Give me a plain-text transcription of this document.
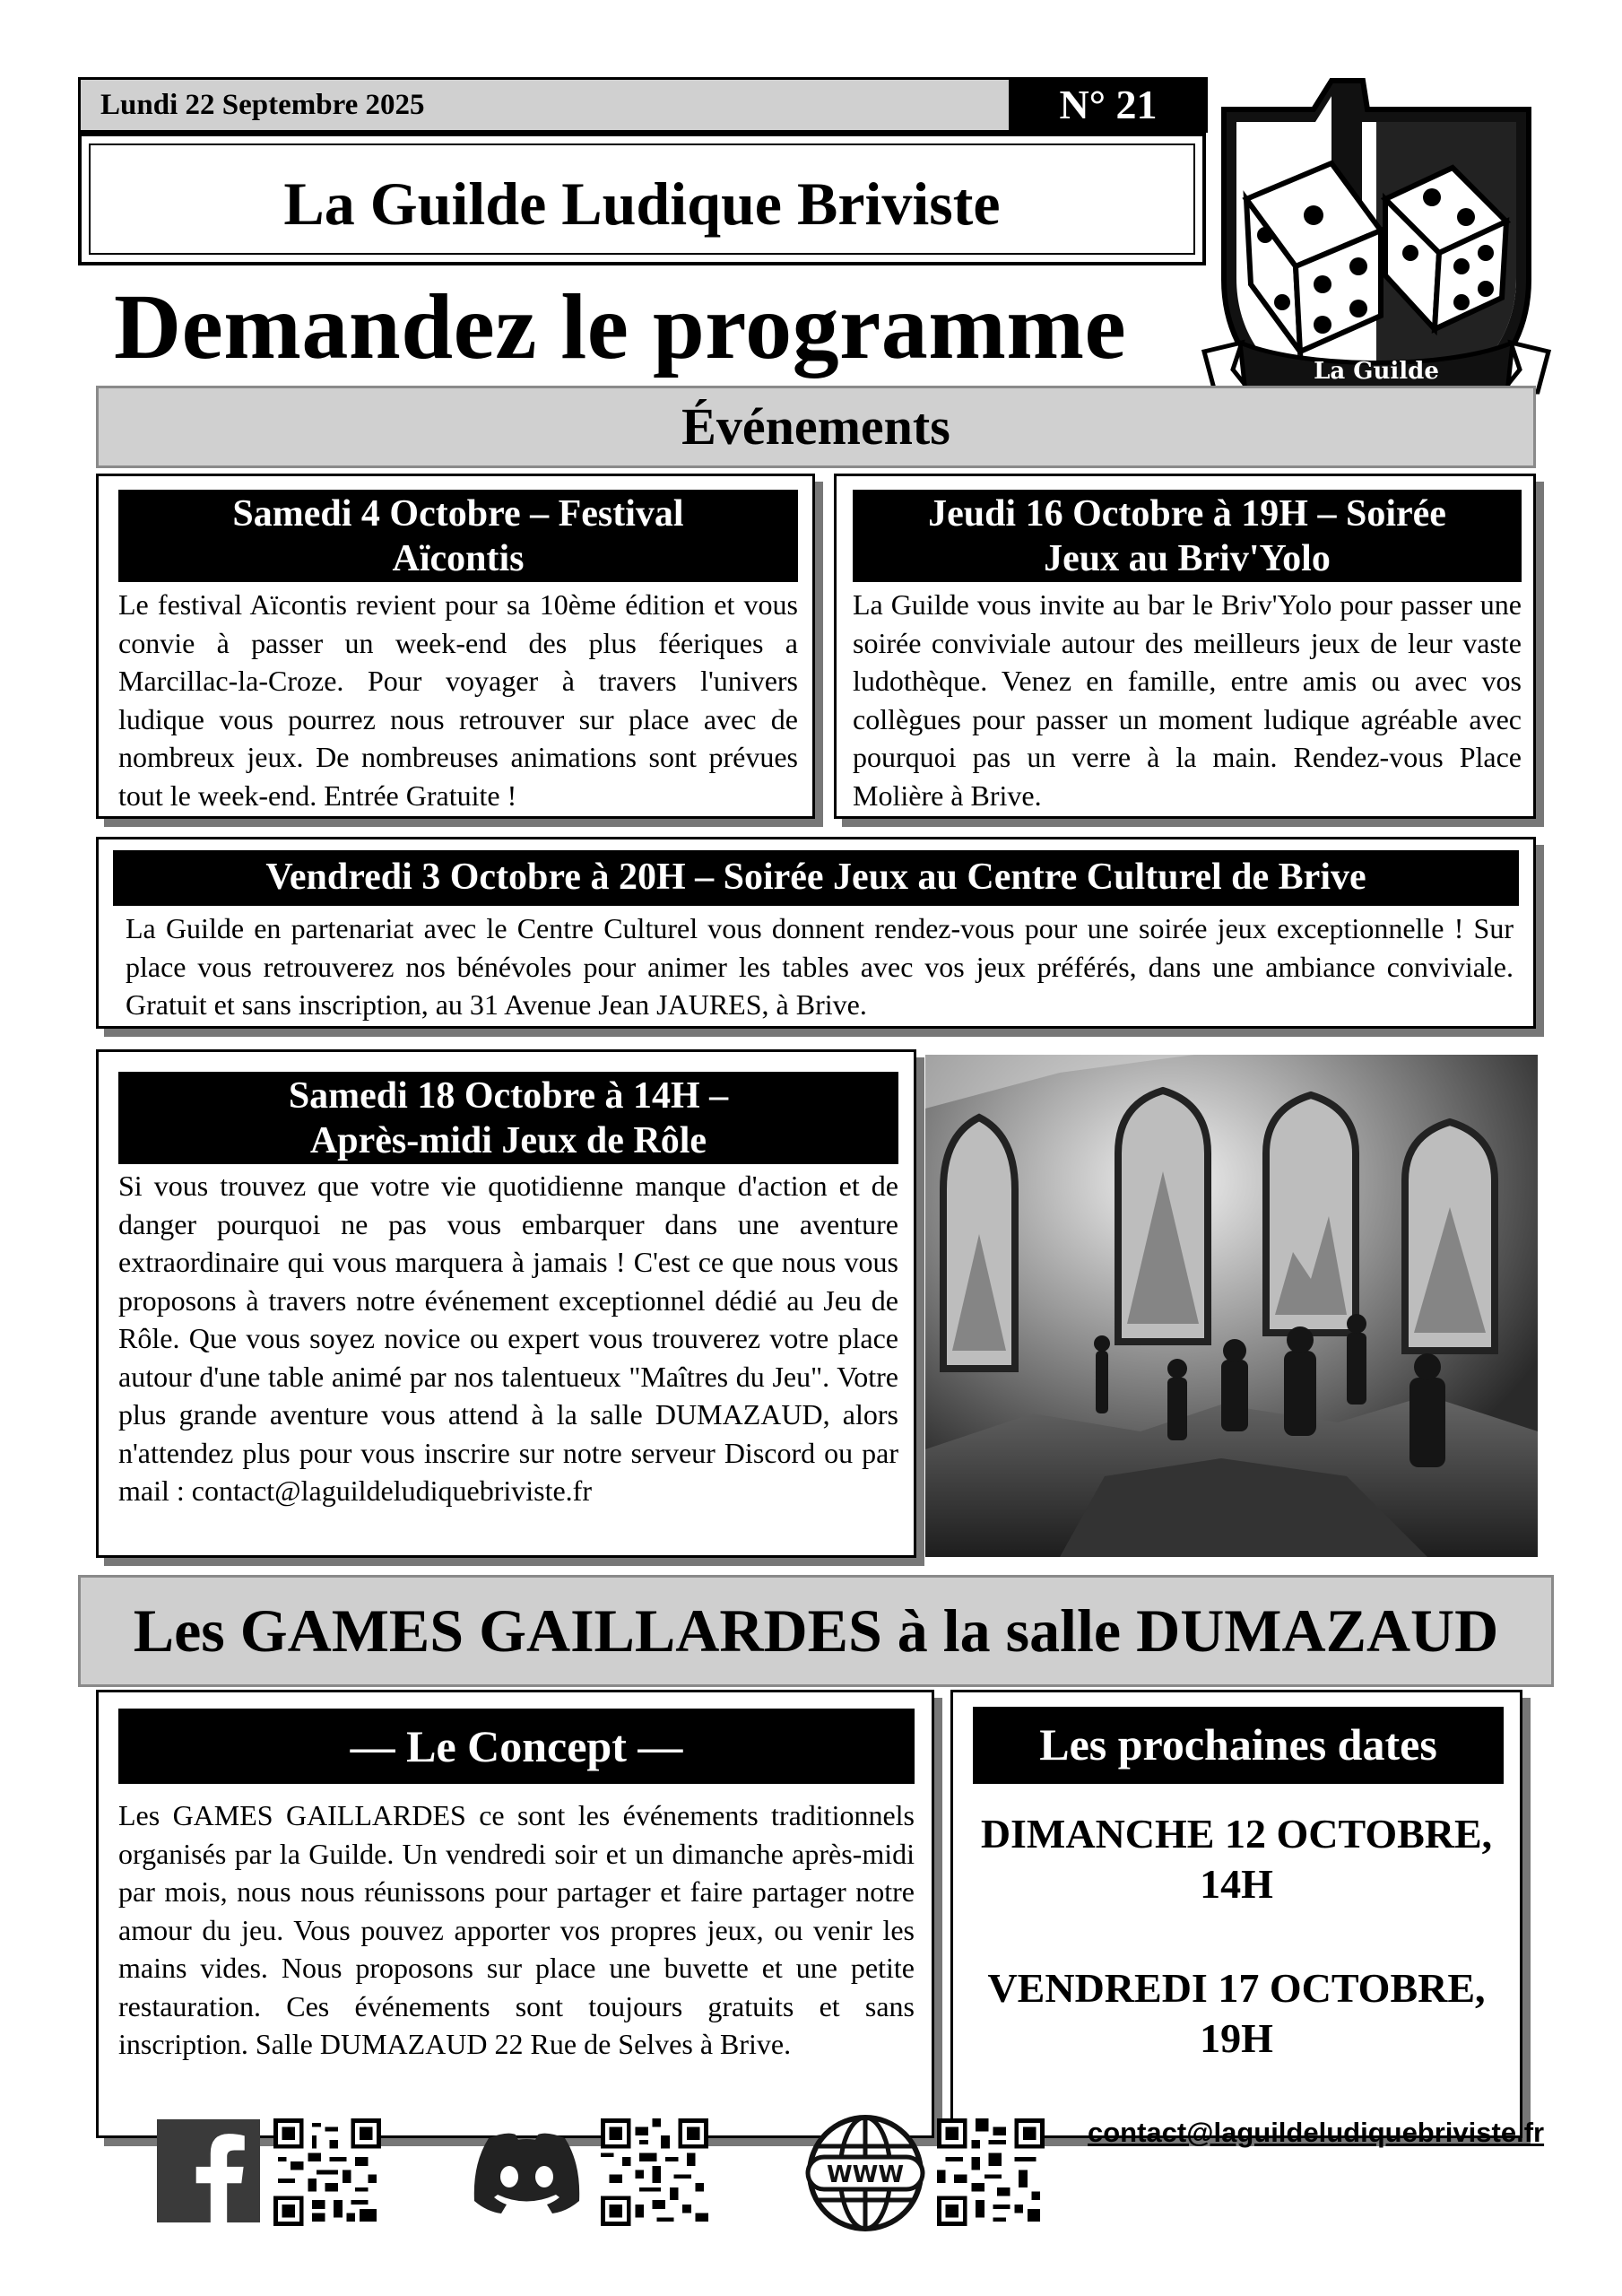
Lundi 22 Septembre 2025	N° 21
La Guilde Ludique Briviste
Demandez le programme	La Guilde
Événements
Samedi 4 Octobre – Festival
Aïcontis
Le festival Aïcontis revient pour sa 10ème édition et vous convie à passer un week-end des plus féeriques a Marcillac-la-Croze. Pour voyager à travers l'univers ludique vous pourrez nous retrouver sur place avec de nombreux jeux. De nombreuses animations sont prévues tout le week-end. Entrée Gratuite !
Jeudi 16 Octobre à 19H – Soirée
Jeux au Briv'Yolo
La Guilde vous invite au bar le Briv'Yolo pour passer une soirée conviviale autour des meilleurs jeux de leur vaste ludothèque. Venez en famille, entre amis ou avec vos collègues pour passer un moment ludique agréable avec pourquoi pas un verre à la main. Rendez-vous Place Molière à Brive.
Vendredi 3 Octobre à 20H – Soirée Jeux au Centre Culturel de Brive
La Guilde en partenariat avec le Centre Culturel vous donnent rendez-vous pour une soirée jeux exceptionnelle ! Sur place vous retrouverez nos bénévoles pour animer les tables avec vos jeux préférés, dans une ambiance conviviale. Gratuit et sans inscription, au 31 Avenue Jean JAURES, à Brive.
Samedi 18 Octobre à 14H –
Après-midi Jeux de Rôle
Si vous trouvez que votre vie quotidienne manque d'action et de danger pourquoi ne pas vous embarquer dans une aventure extraordinaire qui vous marquera à jamais ! C'est ce que nous vous proposons à travers notre événement exceptionnel dédié au Jeu de Rôle. Que vous soyez novice ou expert vous trouverez votre place autour d'une table animé par nos talentueux "Maîtres du Jeu". Votre plus grande aventure vous attend à la salle DUMAZAUD, alors n'attendez plus pour vous inscrire sur notre serveur Discord ou par mail : contact@laguildeludiquebriviste.fr
Les GAMES GAILLARDES à la salle DUMAZAUD
— Le Concept —
Les GAMES GAILLARDES ce sont les événements traditionnels organisés par la Guilde. Un vendredi soir et un dimanche après-midi par mois, nous nous réunissons pour partager et faire partager notre amour du jeu. Vous pouvez apporter vos propres jeux, ou venir les mains vides. Nous proposons sur place une buvette et une petite restauration. Ces événements sont toujours gratuits et sans inscription. Salle DUMAZAUD 22 Rue de Selves à Brive.
Les prochaines dates
DIMANCHE 12 OCTOBRE,
14H
VENDREDI 17 OCTOBRE,
19H
WWW
contact@laguildeludiquebriviste.fr
